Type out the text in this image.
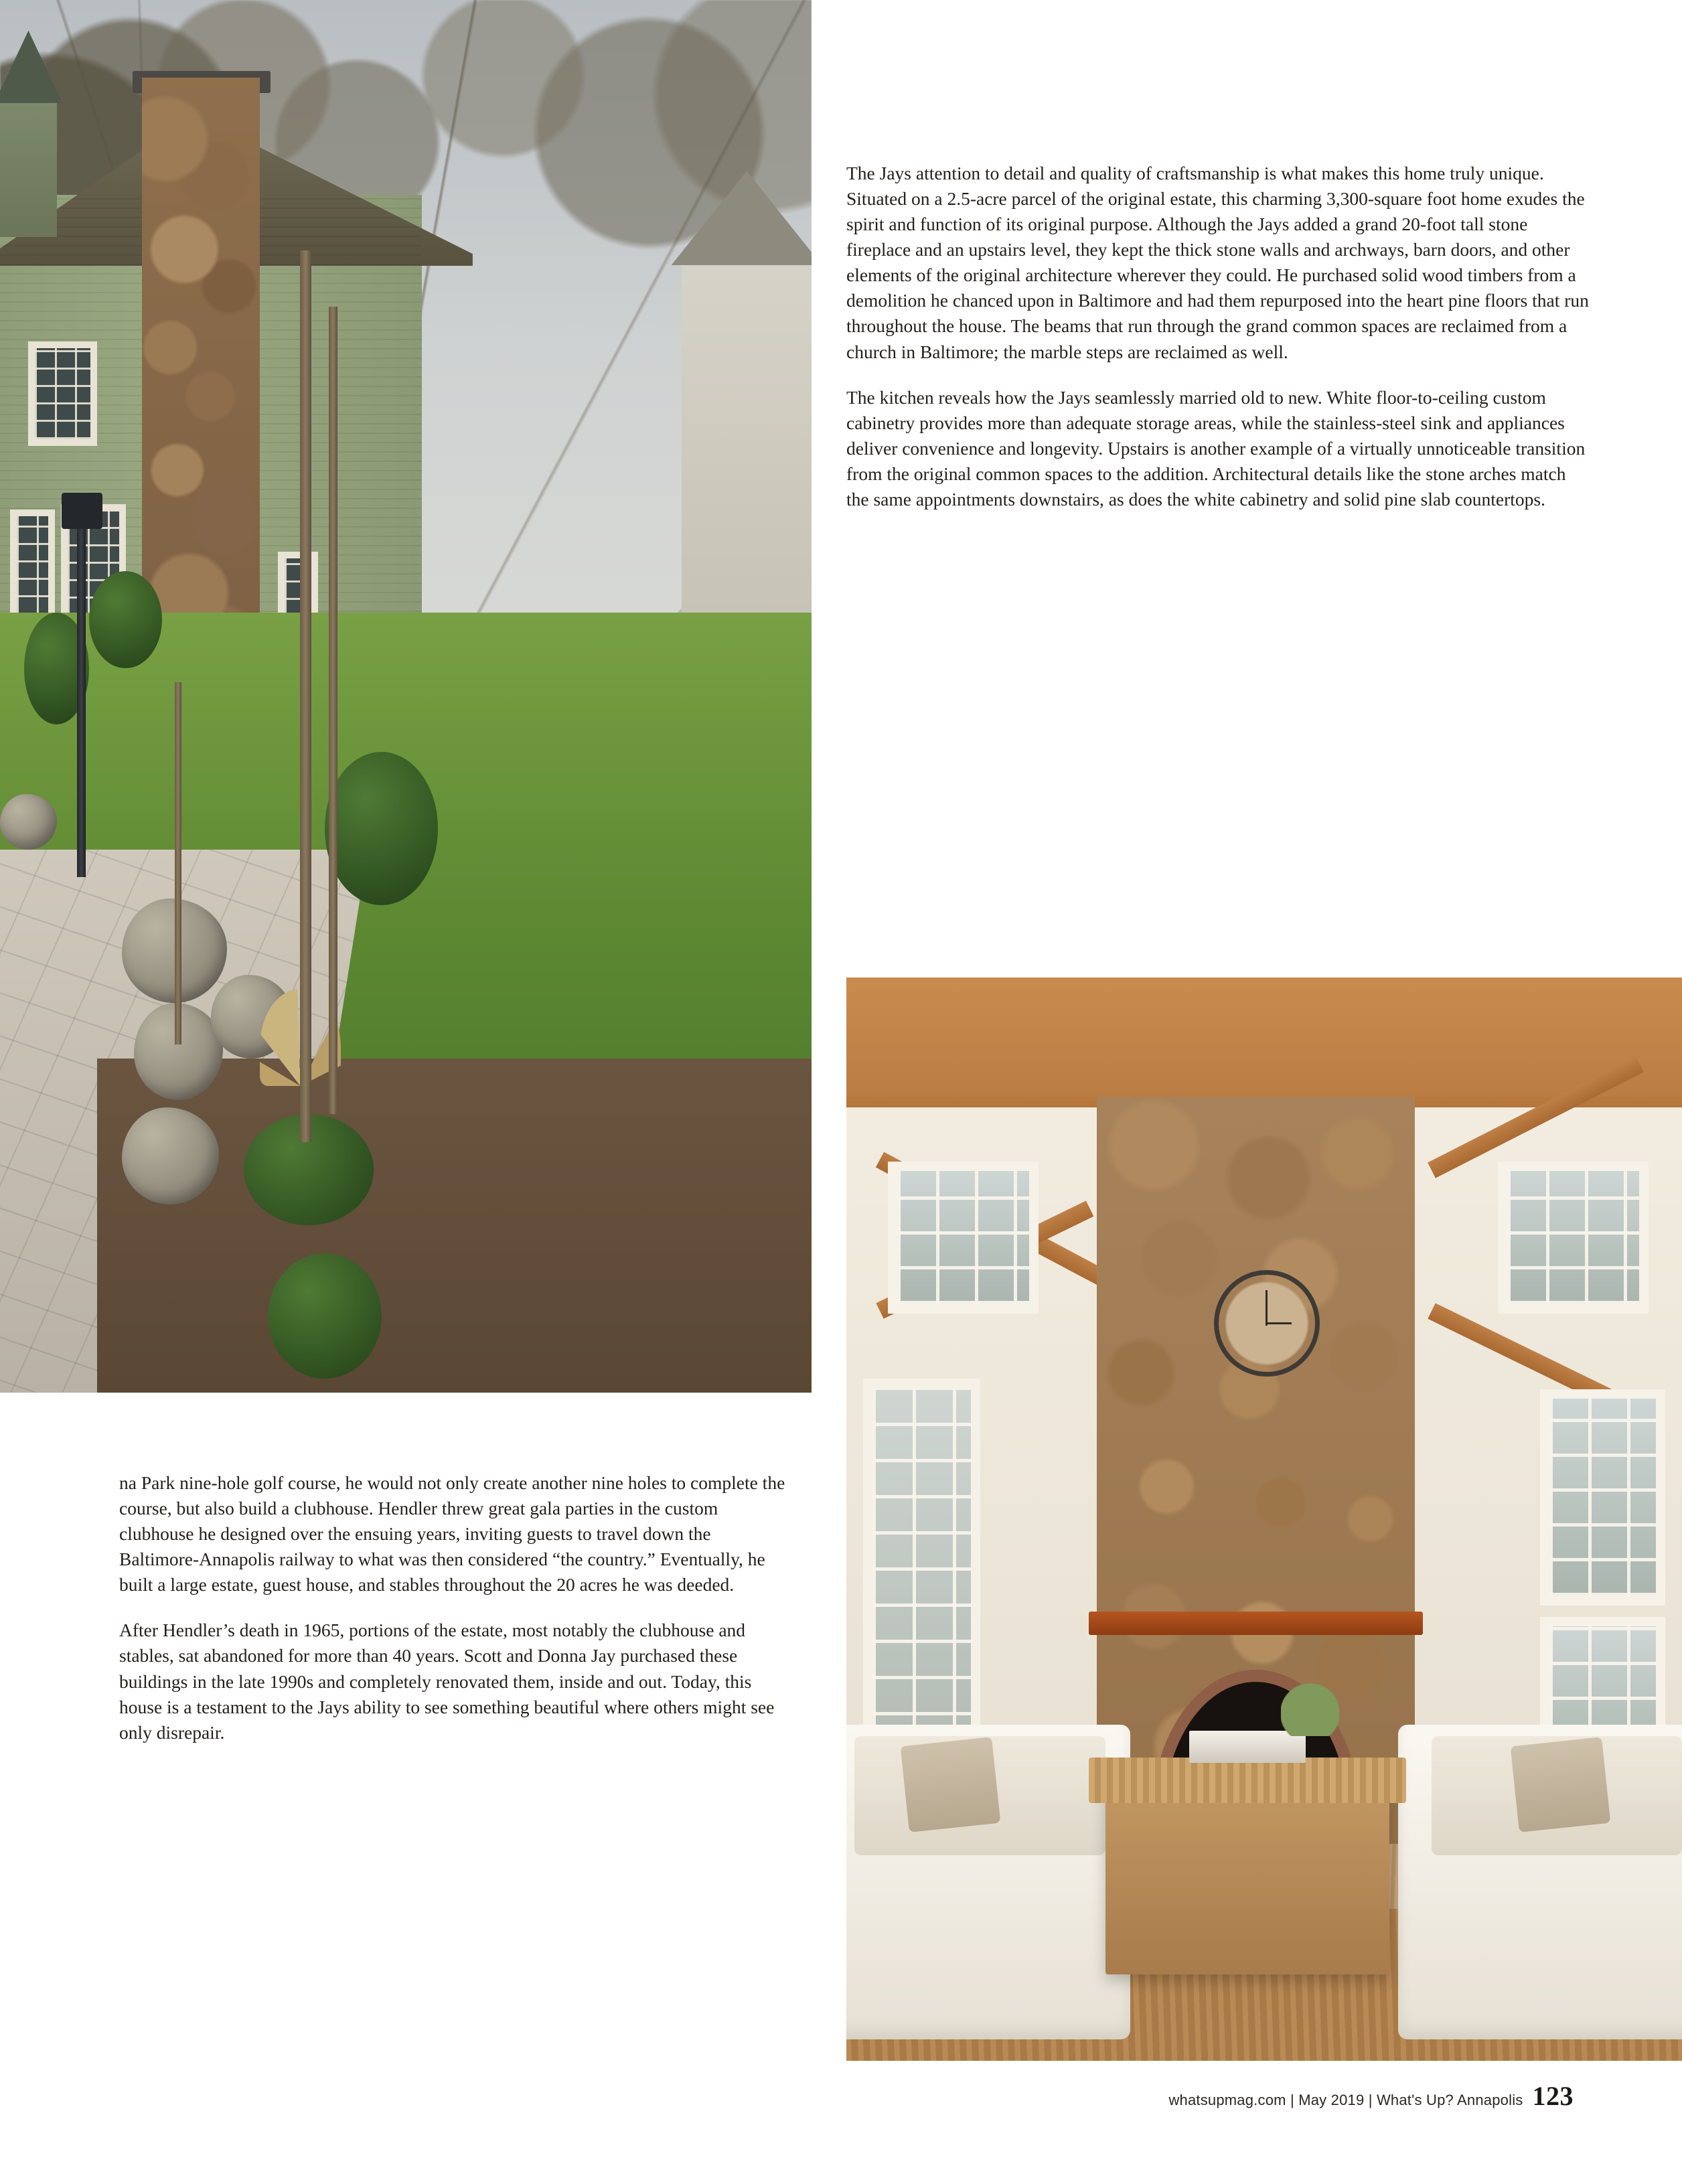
The Jays attention to detail and quality of craftsmanship is what makes this home truly unique. Situated on a 2.5-acre parcel of the original estate, this charming 3,300-square foot home exudes the spirit and function of its original purpose. Although the Jays added a grand 20-foot tall stone fireplace and an upstairs level, they kept the thick stone walls and archways, barn doors, and other elements of the original architecture wherever they could. He purchased solid wood timbers from a demolition he chanced upon in Baltimore and had them repurposed into the heart pine floors that run throughout the house. The beams that run through the grand common spaces are reclaimed from a church in Baltimore; the marble steps are reclaimed as well.

The kitchen reveals how the Jays seamlessly married old to new. White floor-to-ceiling custom cabinetry provides more than adequate storage areas, while the stainless-steel sink and appliances deliver convenience and longevity. Upstairs is another example of a virtually unnoticeable transition from the original common spaces to the addition. Architectural details like the stone arches match the same appointments downstairs, as does the white cabinetry and solid pine slab countertops.

na Park nine-hole golf course, he would not only create another nine holes to complete the course, but also build a clubhouse. Hendler threw great gala parties in the custom clubhouse he designed over the ensuing years, inviting guests to travel down the Baltimore-Annapolis railway to what was then considered “the country.” Eventually, he built a large estate, guest house, and stables throughout the 20 acres he was deeded.

After Hendler’s death in 1965, portions of the estate, most notably the clubhouse and stables, sat abandoned for more than 40 years. Scott and Donna Jay purchased these buildings in the late 1990s and completely renovated them, inside and out. Today, this house is a testament to the Jays ability to see something beautiful where others might see only disrepair.

whatsupmag.com | May 2019 | What's Up? Annapolis 123
